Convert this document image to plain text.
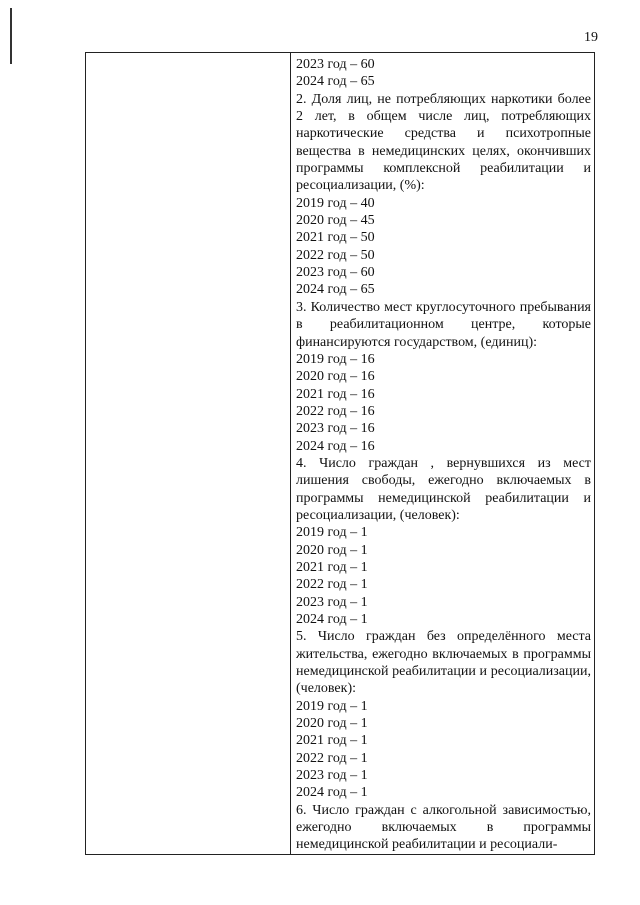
19
2023 год – 60
2024 год – 65
2. Доля лиц, не потребляющих наркотики более 2 лет, в общем числе лиц, потребляющих наркотические средства и психотропные вещества в немедицинских целях, окончивших программы комплексной реабилитации и ресоциализации, (%):
2019 год – 40
2020 год – 45
2021 год – 50
2022 год – 50
2023 год – 60
2024 год – 65
3. Количество мест круглосуточного пребывания в реабилитационном центре, которые финансируются государством, (единиц):
2019 год – 16
2020 год – 16
2021 год – 16
2022 год – 16
2023 год – 16
2024 год – 16
4. Число граждан , вернувшихся из мест лишения свободы, ежегодно включаемых в программы немедицинской реабилитации и ресоциализации, (человек):
2019 год – 1
2020 год – 1
2021 год – 1
2022 год – 1
2023 год – 1
2024 год – 1
5. Число граждан без определённого места жительства, ежегодно включаемых в программы немедицинской реабилитации и ресоциализации, (человек):
2019 год – 1
2020 год – 1
2021 год – 1
2022 год – 1
2023 год – 1
2024 год – 1
6. Число граждан с алкогольной зависимостью, ежегодно включаемых в программы немедицинской реабилитации и ресоциали-
